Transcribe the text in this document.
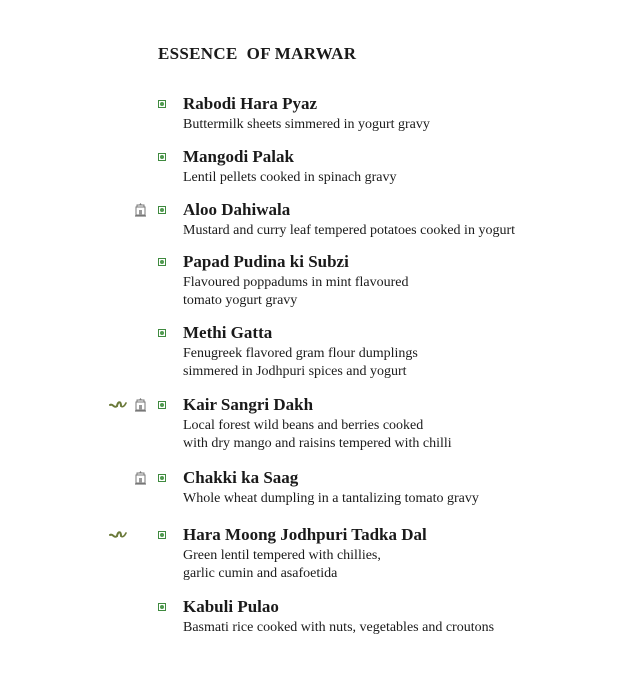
ESSENCE  OF MARWAR
Rabodi Hara Pyaz
Buttermilk sheets simmered in yogurt gravy
Mangodi Palak
Lentil pellets cooked in spinach gravy
Aloo Dahiwala
Mustard and curry leaf tempered potatoes cooked in yogurt
Papad Pudina ki Subzi
Flavoured poppadums in mint flavoured
tomato yogurt gravy
Methi Gatta
Fenugreek flavored gram flour dumplings
simmered in Jodhpuri spices and yogurt
Kair Sangri Dakh
Local forest wild beans and berries cooked
with dry mango and raisins tempered with chilli
Chakki ka Saag
Whole wheat dumpling in a tantalizing tomato gravy
Hara Moong Jodhpuri Tadka Dal
Green lentil tempered with chillies,
garlic cumin and asafoetida
Kabuli Pulao
Basmati rice cooked with nuts, vegetables and croutons
